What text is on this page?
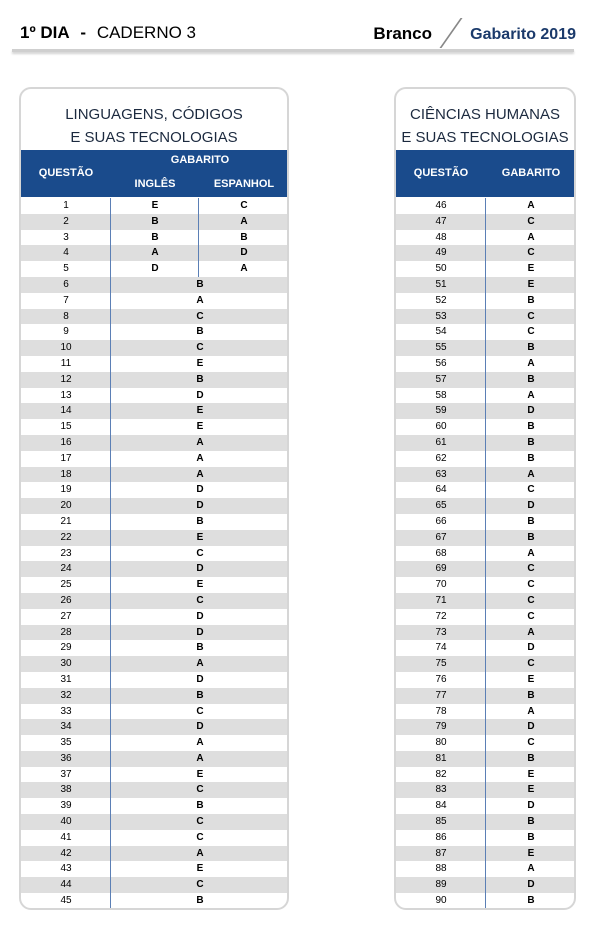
1º DIA - CADERNO 3	Branco Gabarito 2019
LINGUAGENS, CÓDIGOS
E SUAS TECNOLOGIAS
QUESTÃO
GABARITO
INGLÊS	ESPANHOL
1	E	C
2	B	A
3	B	B
4	A	D
5	D	A
6	B
7	A
8	C
9	B
10	C
11	E
12	B
13	D
14	E
15	E
16	A
17	A
18	A
19	D
20	D
21	B
22	E
23	C
24	D
25	E
26	C
27	D
28	D
29	B
30	A
31	D
32	B
33	C
34	D
35	A
36	A
37	E
38	C
39	B
40	C
41	C
42	A
43	E
44	C
45	B
CIÊNCIAS HUMANAS
E SUAS TECNOLOGIAS
QUESTÃO	GABARITO
46	A
47	C
48	A
49	C
50	E
51	E
52	B
53	C
54	C
55	B
56	A
57	B
58	A
59	D
60	B
61	B
62	B
63	A
64	C
65	D
66	B
67	B
68	A
69	C
70	C
71	C
72	C
73	A
74	D
75	C
76	E
77	B
78	A
79	D
80	C
81	B
82	E
83	E
84	D
85	B
86	B
87	E
88	A
89	D
90	B
